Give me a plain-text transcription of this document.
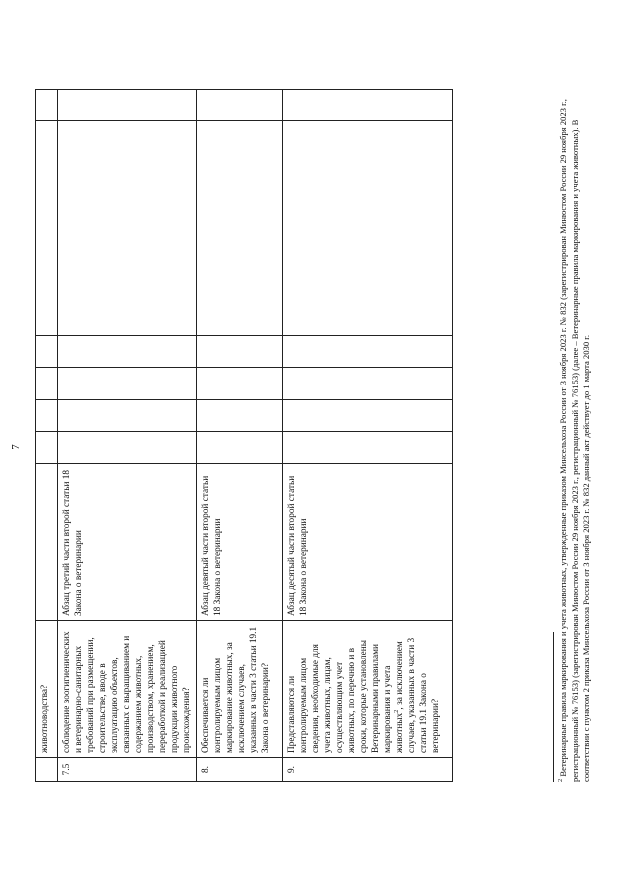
7
	животноводства?							
7.5	соблюдение зоогигиенических и ветеринарно-санитарных требований при размещении, строительстве, вводе в эксплуатацию объектов, связанных с выращиванием и содержанием животных, производством, хранением, переработкой и реализацией продукции животного происхождения?	Абзац третий части второй статьи 18 Закона о ветеринарии						
8.	Обеспечивается ли контролируемым лицом маркирование животных, за исключением случаев, указанных в части 3 статьи 19.1 Закона о ветеринарии?	Абзац девятый части второй статьи 18 Закона о ветеринарии						
9.	Представляются ли контролируемым лицом сведения, необходимые для учета животных, лицам, осуществляющим учет животных, по перечню и в сроки, которые установлены Ветеринарными правилами маркирования и учета животных$^2$, за исключением случаев, указанных в части 3 статьи 19.1 Закона о ветеринарии?	Абзац десятый части второй статьи 18 Закона о ветеринарии						
$^2$ Ветеринарные правила маркирования и учета животных, утвержденные приказом Минсельхоза России от 3 ноября 2023 г. № 832 (зарегистрирован Минюстом России 29 ноября 2023 г., регистрационный № 76153) (зарегистрирован Минюстом России 29 ноября 2023 г., регистрационный № 76153) (далее – Ветеринарные правила маркирования и учета животных). В соответствии с пунктом 2 приказа Минсельхоза России от 3 ноября 2023 г. № 832 данный акт действует до 1 марта 2030 г.
